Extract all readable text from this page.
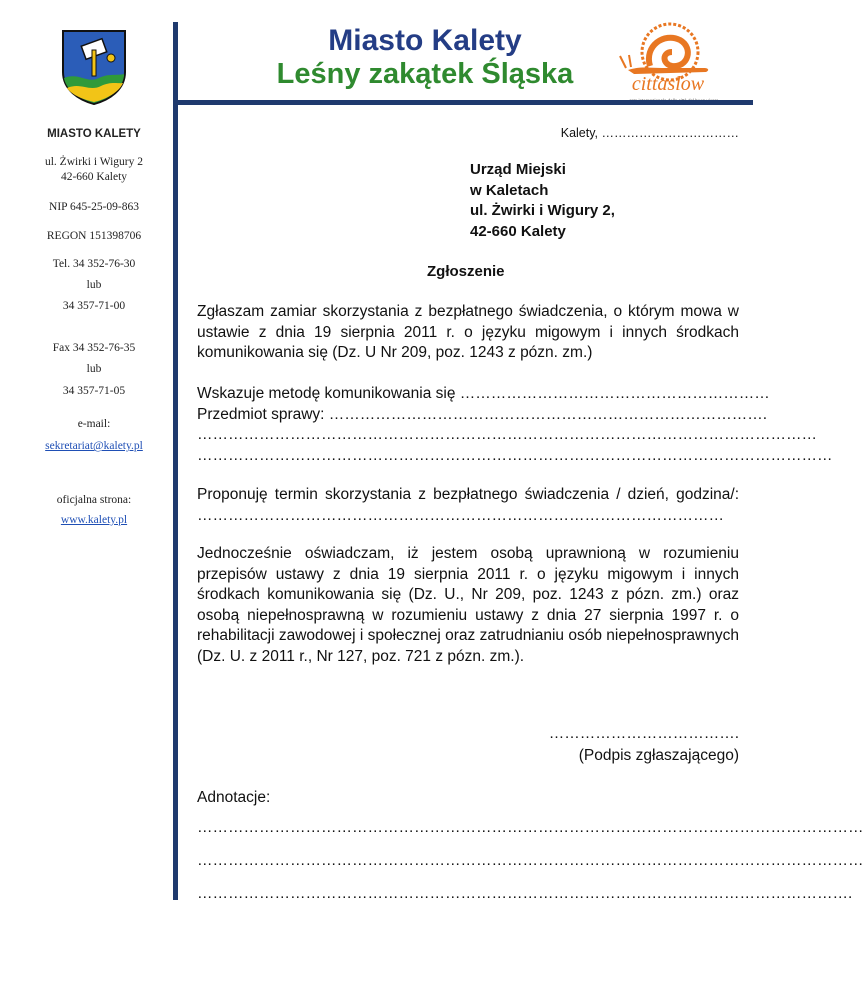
Miasto Kalety
Leśny zakątek Śląska	cittaslow
MIASTO KALETY
ul. Żwirki i Wigury 2
42-660 Kalety
NIP 645-25-09-863
REGON 151398706
Tel. 34 352-76-30
lub
34 357-71-00
Fax 34 352-76-35
lub
34 357-71-05
e-mail:
sekretariat@kalety.pl
oficjalna strona:
www.kalety.pl
Kalety, ……………………………
Urząd Miejski
w Kaletach
ul. Żwirki i Wigury 2,
42-660 Kalety
Zgłoszenie
Zgłaszam zamiar skorzystania z bezpłatnego świadczenia, o którym mowa w ustawie z dnia 19 sierpnia 2011 r. o języku migowym i innych środkach komunikowania się (Dz. U Nr 209, poz. 1243 z pózn. zm.)
Wskazuje metodę komunikowania się ……………………………………………………
Przedmiot sprawy: ………………………………………………………………………….
…………………………………………………………………………………………………………
……………………………………………………………………………………………………………
Proponuję termin skorzystania z bezpłatnego świadczenia / dzień, godzina/: …………………………………………………………………………………………
Jednocześnie oświadczam, iż jestem osobą uprawnioną w rozumieniu przepisów ustawy z dnia 19 sierpnia 2011 r. o języku migowym i innych środkach komunikowania się (Dz. U., Nr 209, poz. 1243 z pózn. zm.) oraz osobą niepełnosprawną w rozumieniu ustawy z dnia 27 sierpnia 1997 r. o rehabilitacji zawodowej i społecznej oraz zatrudnianiu osób niepełnosprawnych (Dz. U. z 2011 r., Nr 127, poz. 721 z pózn. zm.).
……………………………….
(Podpis zgłaszającego)
Adnotacje:
…………………………………………………………………………………………………………………
…………………………………………………………………………………………………………………
……………………………………………………………………………………………………………….
